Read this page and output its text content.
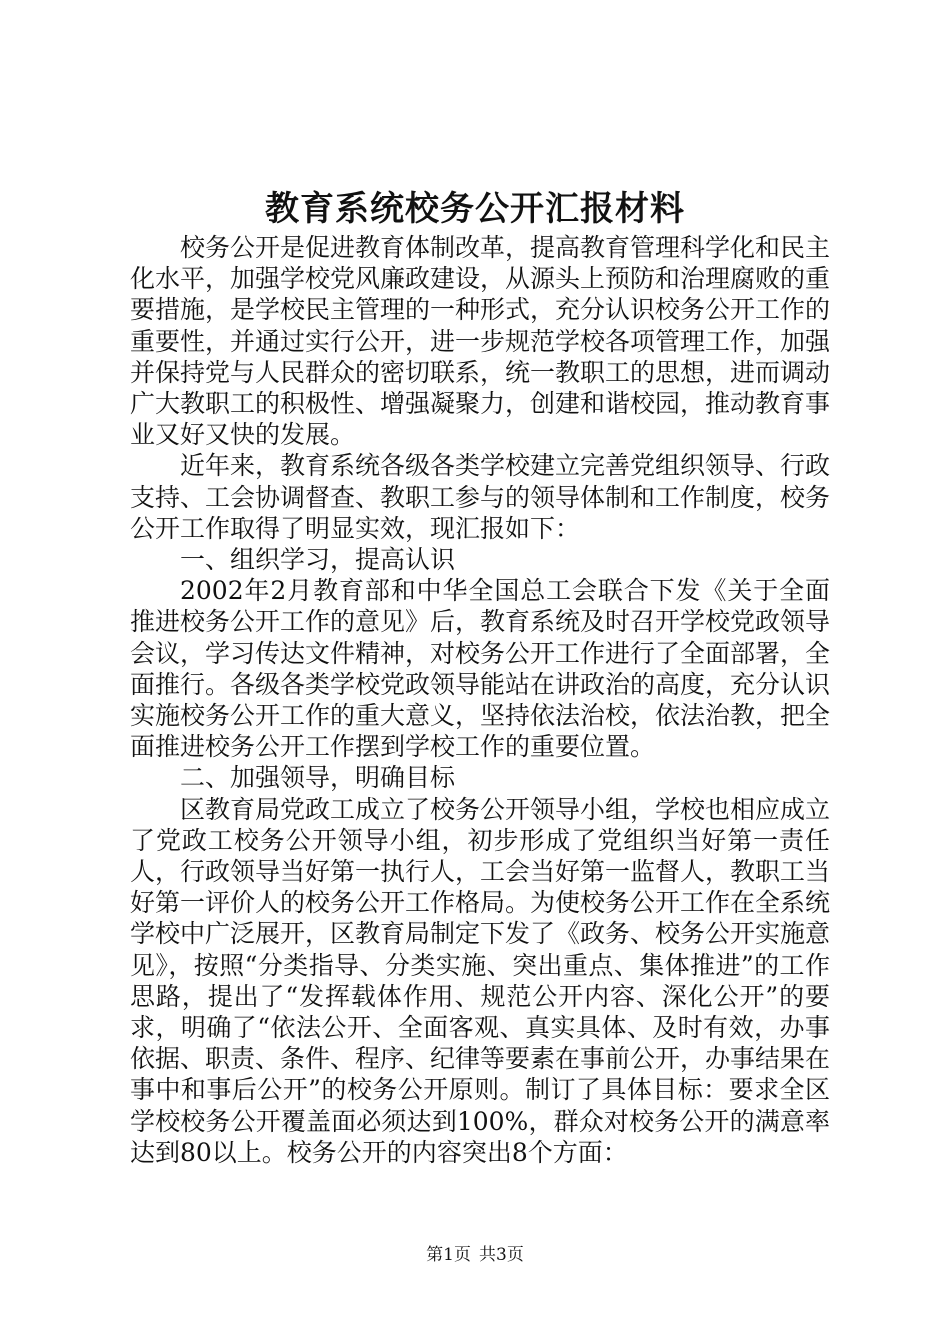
教育系统校务公开汇报材料

校务公开是促进教育体制改革，提高教育管理科学化和民主化水平，加强学校党风廉政建设，从源头上预防和治理腐败的重要措施，是学校民主管理的一种形式，充分认识校务公开工作的重要性，并通过实行公开，进一步规范学校各项管理工作，加强并保持党与人民群众的密切联系，统一教职工的思想，进而调动广大教职工的积极性、增强凝聚力，创建和谐校园，推动教育事业又好又快的发展。

近年来，教育系统各级各类学校建立完善党组织领导、行政支持、工会协调督查、教职工参与的领导体制和工作制度，校务公开工作取得了明显实效，现汇报如下：

一、组织学习，提高认识

2002年2月教育部和中华全国总工会联合下发《关于全面推进校务公开工作的意见》后，教育系统及时召开学校党政领导会议，学习传达文件精神，对校务公开工作进行了全面部署，全面推行。各级各类学校党政领导能站在讲政治的高度，充分认识实施校务公开工作的重大意义，坚持依法治校，依法治教，把全面推进校务公开工作摆到学校工作的重要位置。

二、加强领导，明确目标

区教育局党政工成立了校务公开领导小组，学校也相应成立了党政工校务公开领导小组，初步形成了党组织当好第一责任人，行政领导当好第一执行人，工会当好第一监督人，教职工当好第一评价人的校务公开工作格局。为使校务公开工作在全系统学校中广泛展开，区教育局制定下发了《政务、校务公开实施意见》，按照“分类指导、分类实施、突出重点、集体推进”的工作思路，提出了“发挥载体作用、规范公开内容、深化公开”的要求，明确了“依法公开、全面客观、真实具体、及时有效，办事依据、职责、条件、程序、纪律等要素在事前公开，办事结果在事中和事后公开”的校务公开原则。制订了具体目标：要求全区学校校务公开覆盖面必须达到100%，群众对校务公开的满意率达到80以上。校务公开的内容突出8个方面：

第1页 共3页
